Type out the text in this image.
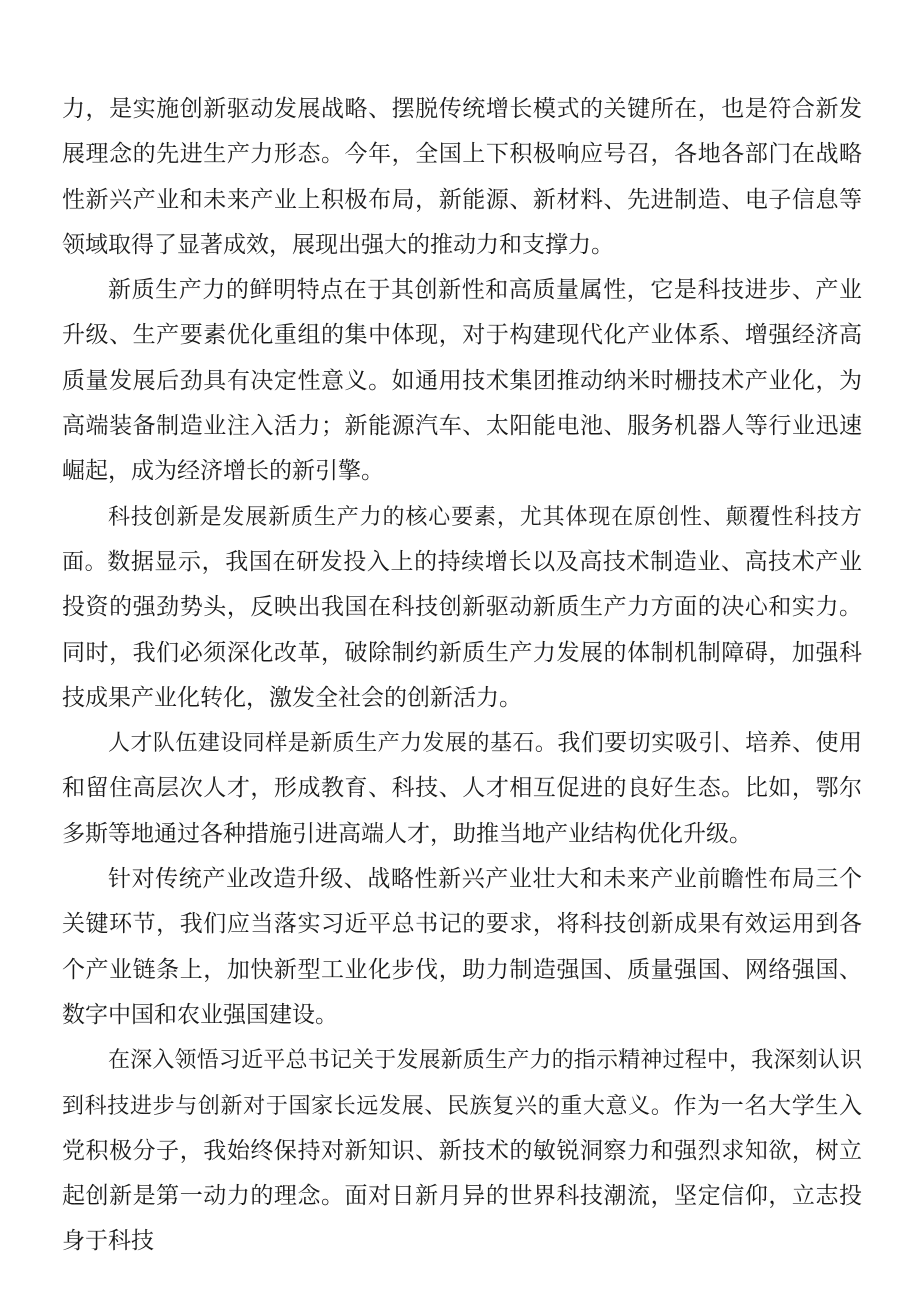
力，是实施创新驱动发展战略、摆脱传统增长模式的关键所在，也是符合新发展理念的先进生产力形态。今年，全国上下积极响应号召，各地各部门在战略性新兴产业和未来产业上积极布局，新能源、新材料、先进制造、电子信息等领域取得了显著成效，展现出强大的推动力和支撑力。

新质生产力的鲜明特点在于其创新性和高质量属性，它是科技进步、产业升级、生产要素优化重组的集中体现，对于构建现代化产业体系、增强经济高质量发展后劲具有决定性意义。如通用技术集团推动纳米时栅技术产业化，为高端装备制造业注入活力；新能源汽车、太阳能电池、服务机器人等行业迅速崛起，成为经济增长的新引擎。

科技创新是发展新质生产力的核心要素，尤其体现在原创性、颠覆性科技方面。数据显示，我国在研发投入上的持续增长以及高技术制造业、高技术产业投资的强劲势头，反映出我国在科技创新驱动新质生产力方面的决心和实力。同时，我们必须深化改革，破除制约新质生产力发展的体制机制障碍，加强科技成果产业化转化，激发全社会的创新活力。

人才队伍建设同样是新质生产力发展的基石。我们要切实吸引、培养、使用和留住高层次人才，形成教育、科技、人才相互促进的良好生态。比如，鄂尔多斯等地通过各种措施引进高端人才，助推当地产业结构优化升级。

针对传统产业改造升级、战略性新兴产业壮大和未来产业前瞻性布局三个关键环节，我们应当落实习近平总书记的要求，将科技创新成果有效运用到各个产业链条上，加快新型工业化步伐，助力制造强国、质量强国、网络强国、数字中国和农业强国建设。

在深入领悟习近平总书记关于发展新质生产力的指示精神过程中，我深刻认识到科技进步与创新对于国家长远发展、民族复兴的重大意义。作为一名大学生入党积极分子，我始终保持对新知识、新技术的敏锐洞察力和强烈求知欲，树立起创新是第一动力的理念。面对日新月异的世界科技潮流，坚定信仰，立志投身于科技
